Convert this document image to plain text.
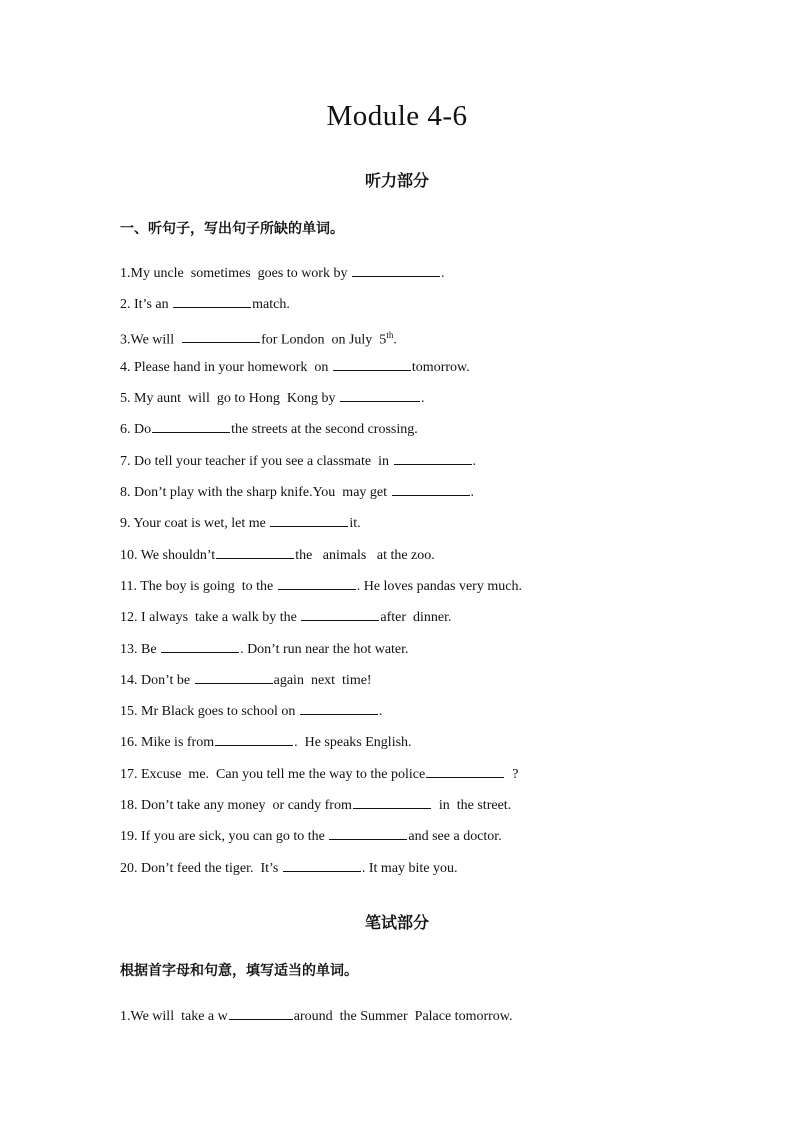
Module 4-6
听力部分
一、听句子，写出句子所缺的单词。
1.My uncle  sometimes  goes to work by	.
2. It’s an	match.
3.We will	for London  on July  5th.
4. Please hand in your homework  on	tomorrow.
5. My aunt  will  go to Hong  Kong by	.
6. Do	the streets at the second crossing.
7. Do tell your teacher if you see a classmate  in	.
8. Don’t play with the sharp knife.You  may get	.
9. Your coat is wet, let me	it.
10. We shouldn’t	the   animals   at the zoo.
11. The boy is going  to the	. He loves pandas very much.
12. I always  take a walk by the	after  dinner.
13. Be	. Don’t run near the hot water.
14. Don’t be	again  next  time!
15. Mr Black goes to school on	.
16. Mike is from	.  He speaks English.
17. Excuse  me.  Can you tell me the way to the police	?
18. Don’t take any money  or candy from	in  the street.
19. If you are sick, you can go to the	and see a doctor.
20. Don’t feed the tiger.  It’s	. It may bite you.
笔试部分
根据首字母和句意，填写适当的单词。
1.We will  take a w	around  the Summer  Palace tomorrow.
